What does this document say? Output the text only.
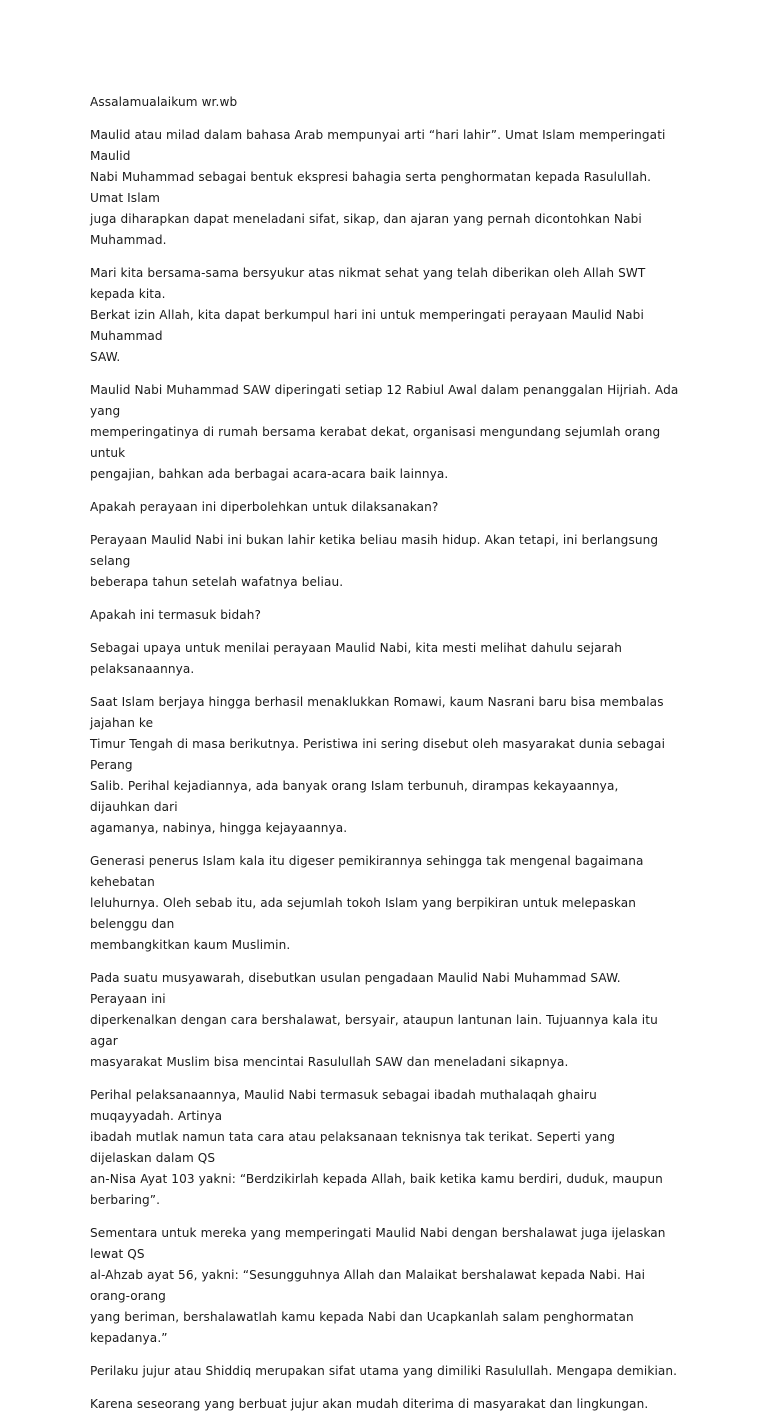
Assalamualaikum wr.wb

Maulid atau milad dalam bahasa Arab mempunyai arti “hari lahir”. Umat Islam memperingati Maulid
Nabi Muhammad sebagai bentuk ekspresi bahagia serta penghormatan kepada Rasulullah. Umat Islam
juga diharapkan dapat meneladani sifat, sikap, dan ajaran yang pernah dicontohkan Nabi Muhammad.

Mari kita bersama-sama bersyukur atas nikmat sehat yang telah diberikan oleh Allah SWT kepada kita.
Berkat izin Allah, kita dapat berkumpul hari ini untuk memperingati perayaan Maulid Nabi Muhammad
SAW.

Maulid Nabi Muhammad SAW diperingati setiap 12 Rabiul Awal dalam penanggalan Hijriah. Ada yang
memperingatinya di rumah bersama kerabat dekat, organisasi mengundang sejumlah orang untuk
pengajian, bahkan ada berbagai acara-acara baik lainnya.

Apakah perayaan ini diperbolehkan untuk dilaksanakan?

Perayaan Maulid Nabi ini bukan lahir ketika beliau masih hidup. Akan tetapi, ini berlangsung selang
beberapa tahun setelah wafatnya beliau.

Apakah ini termasuk bidah?

Sebagai upaya untuk menilai perayaan Maulid Nabi, kita mesti melihat dahulu sejarah pelaksanaannya.

Saat Islam berjaya hingga berhasil menaklukkan Romawi, kaum Nasrani baru bisa membalas jajahan ke
Timur Tengah di masa berikutnya. Peristiwa ini sering disebut oleh masyarakat dunia sebagai Perang
Salib. Perihal kejadiannya, ada banyak orang Islam terbunuh, dirampas kekayaannya, dijauhkan dari
agamanya, nabinya, hingga kejayaannya.

Generasi penerus Islam kala itu digeser pemikirannya sehingga tak mengenal bagaimana kehebatan
leluhurnya. Oleh sebab itu, ada sejumlah tokoh Islam yang berpikiran untuk melepaskan belenggu dan
membangkitkan kaum Muslimin.

Pada suatu musyawarah, disebutkan usulan pengadaan Maulid Nabi Muhammad SAW. Perayaan ini
diperkenalkan dengan cara bershalawat, bersyair, ataupun lantunan lain. Tujuannya kala itu agar
masyarakat Muslim bisa mencintai Rasulullah SAW dan meneladani sikapnya.

Perihal pelaksanaannya, Maulid Nabi termasuk sebagai ibadah muthalaqah ghairu muqayyadah. Artinya
ibadah mutlak namun tata cara atau pelaksanaan teknisnya tak terikat. Seperti yang dijelaskan dalam QS
an-Nisa Ayat 103 yakni: “Berdzikirlah kepada Allah, baik ketika kamu berdiri, duduk, maupun berbaring”.

Sementara untuk mereka yang memperingati Maulid Nabi dengan bershalawat juga ijelaskan lewat QS
al-Ahzab ayat 56, yakni: “Sesungguhnya Allah dan Malaikat bershalawat kepada Nabi. Hai orang-orang
yang beriman, bershalawatlah kamu kepada Nabi dan Ucapkanlah salam penghormatan kepadanya.”

Perilaku jujur atau Shiddiq merupakan sifat utama yang dimiliki Rasulullah. Mengapa demikian.

Karena seseorang yang berbuat jujur akan mudah diterima di masyarakat dan lingkungan.
